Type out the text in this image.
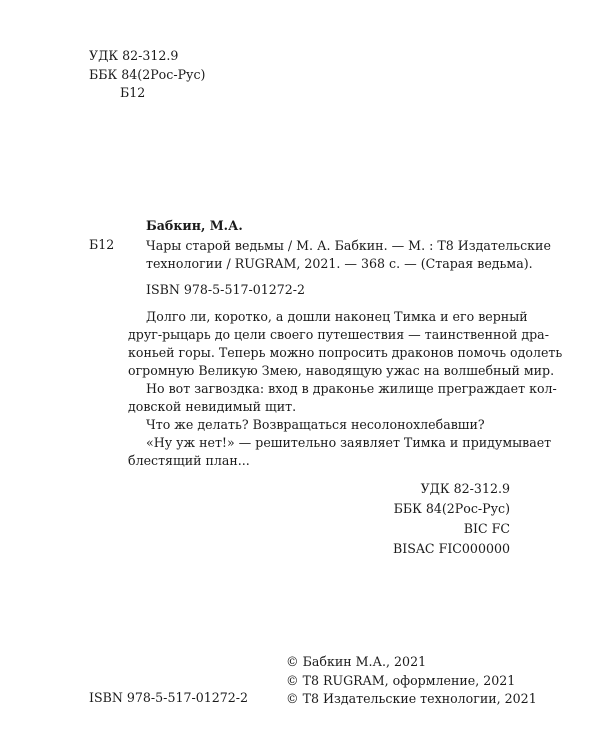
УДК 82-312.9
ББК 84(2Рос-Рус)
Б12
Бабкин, М.А.
Б12	Чары старой ведьмы / М. А. Бабкин. — М. : Т8 Издательские
технологии / RUGRAM, 2021. — 368 с. — (Старая ведьма).
ISBN 978-5-517-01272-2
Долго ли, коротко, а дошли наконец Тимка и его верный
друг-рыцарь до цели своего путешествия — таинственной дра-
коньей горы. Теперь можно попросить драконов помочь одолеть
огромную Великую Змею, наводящую ужас на волшебный мир.
Но вот загвоздка: вход в драконье жилище преграждает кол-
довской невидимый щит.
Что же делать? Возвращаться несолонохлебавши?
«Ну уж нет!» — решительно заявляет Тимка и придумывает
блестящий план...
УДК 82-312.9
ББК 84(2Рос-Рус)
BIC FC
BISAC FIC000000
© Бабкин М.А., 2021
© Т8 RUGRAM, оформление, 2021
© Т8 Издательские технологии, 2021
ISBN 978-5-517-01272-2
